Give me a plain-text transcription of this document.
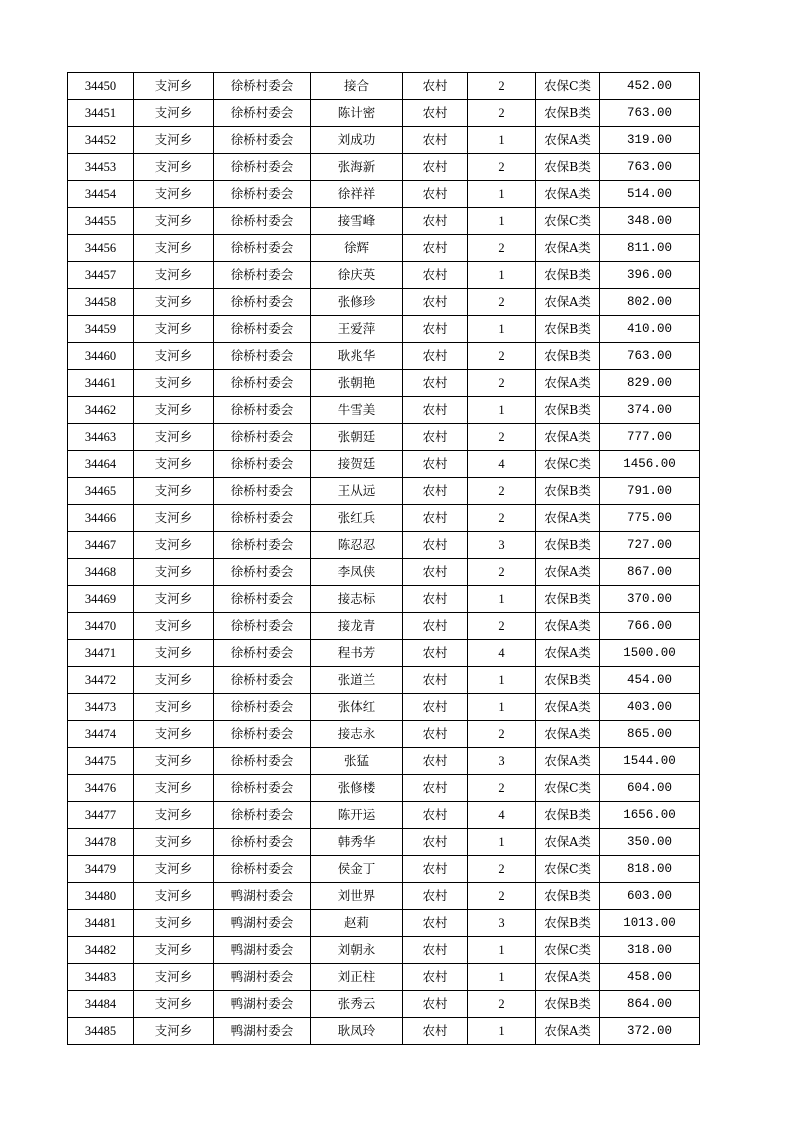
34450	支河乡	徐桥村委会	接合	农村	2	农保C类	452.00
34451	支河乡	徐桥村委会	陈计密	农村	2	农保B类	763.00
34452	支河乡	徐桥村委会	刘成功	农村	1	农保A类	319.00
34453	支河乡	徐桥村委会	张海新	农村	2	农保B类	763.00
34454	支河乡	徐桥村委会	徐祥祥	农村	1	农保A类	514.00
34455	支河乡	徐桥村委会	接雪峰	农村	1	农保C类	348.00
34456	支河乡	徐桥村委会	徐辉	农村	2	农保A类	811.00
34457	支河乡	徐桥村委会	徐庆英	农村	1	农保B类	396.00
34458	支河乡	徐桥村委会	张修珍	农村	2	农保A类	802.00
34459	支河乡	徐桥村委会	王爱萍	农村	1	农保B类	410.00
34460	支河乡	徐桥村委会	耿兆华	农村	2	农保B类	763.00
34461	支河乡	徐桥村委会	张朝艳	农村	2	农保A类	829.00
34462	支河乡	徐桥村委会	牛雪美	农村	1	农保B类	374.00
34463	支河乡	徐桥村委会	张朝廷	农村	2	农保A类	777.00
34464	支河乡	徐桥村委会	接贺廷	农村	4	农保C类	1456.00
34465	支河乡	徐桥村委会	王从远	农村	2	农保B类	791.00
34466	支河乡	徐桥村委会	张红兵	农村	2	农保A类	775.00
34467	支河乡	徐桥村委会	陈忍忍	农村	3	农保B类	727.00
34468	支河乡	徐桥村委会	李凤侠	农村	2	农保A类	867.00
34469	支河乡	徐桥村委会	接志标	农村	1	农保B类	370.00
34470	支河乡	徐桥村委会	接龙青	农村	2	农保A类	766.00
34471	支河乡	徐桥村委会	程书芳	农村	4	农保A类	1500.00
34472	支河乡	徐桥村委会	张道兰	农村	1	农保B类	454.00
34473	支河乡	徐桥村委会	张体红	农村	1	农保A类	403.00
34474	支河乡	徐桥村委会	接志永	农村	2	农保A类	865.00
34475	支河乡	徐桥村委会	张猛	农村	3	农保A类	1544.00
34476	支河乡	徐桥村委会	张修楼	农村	2	农保C类	604.00
34477	支河乡	徐桥村委会	陈开运	农村	4	农保B类	1656.00
34478	支河乡	徐桥村委会	韩秀华	农村	1	农保A类	350.00
34479	支河乡	徐桥村委会	侯金丁	农村	2	农保C类	818.00
34480	支河乡	鸭湖村委会	刘世界	农村	2	农保B类	603.00
34481	支河乡	鸭湖村委会	赵莉	农村	3	农保B类	1013.00
34482	支河乡	鸭湖村委会	刘朝永	农村	1	农保C类	318.00
34483	支河乡	鸭湖村委会	刘正柱	农村	1	农保A类	458.00
34484	支河乡	鸭湖村委会	张秀云	农村	2	农保B类	864.00
34485	支河乡	鸭湖村委会	耿凤玲	农村	1	农保A类	372.00
